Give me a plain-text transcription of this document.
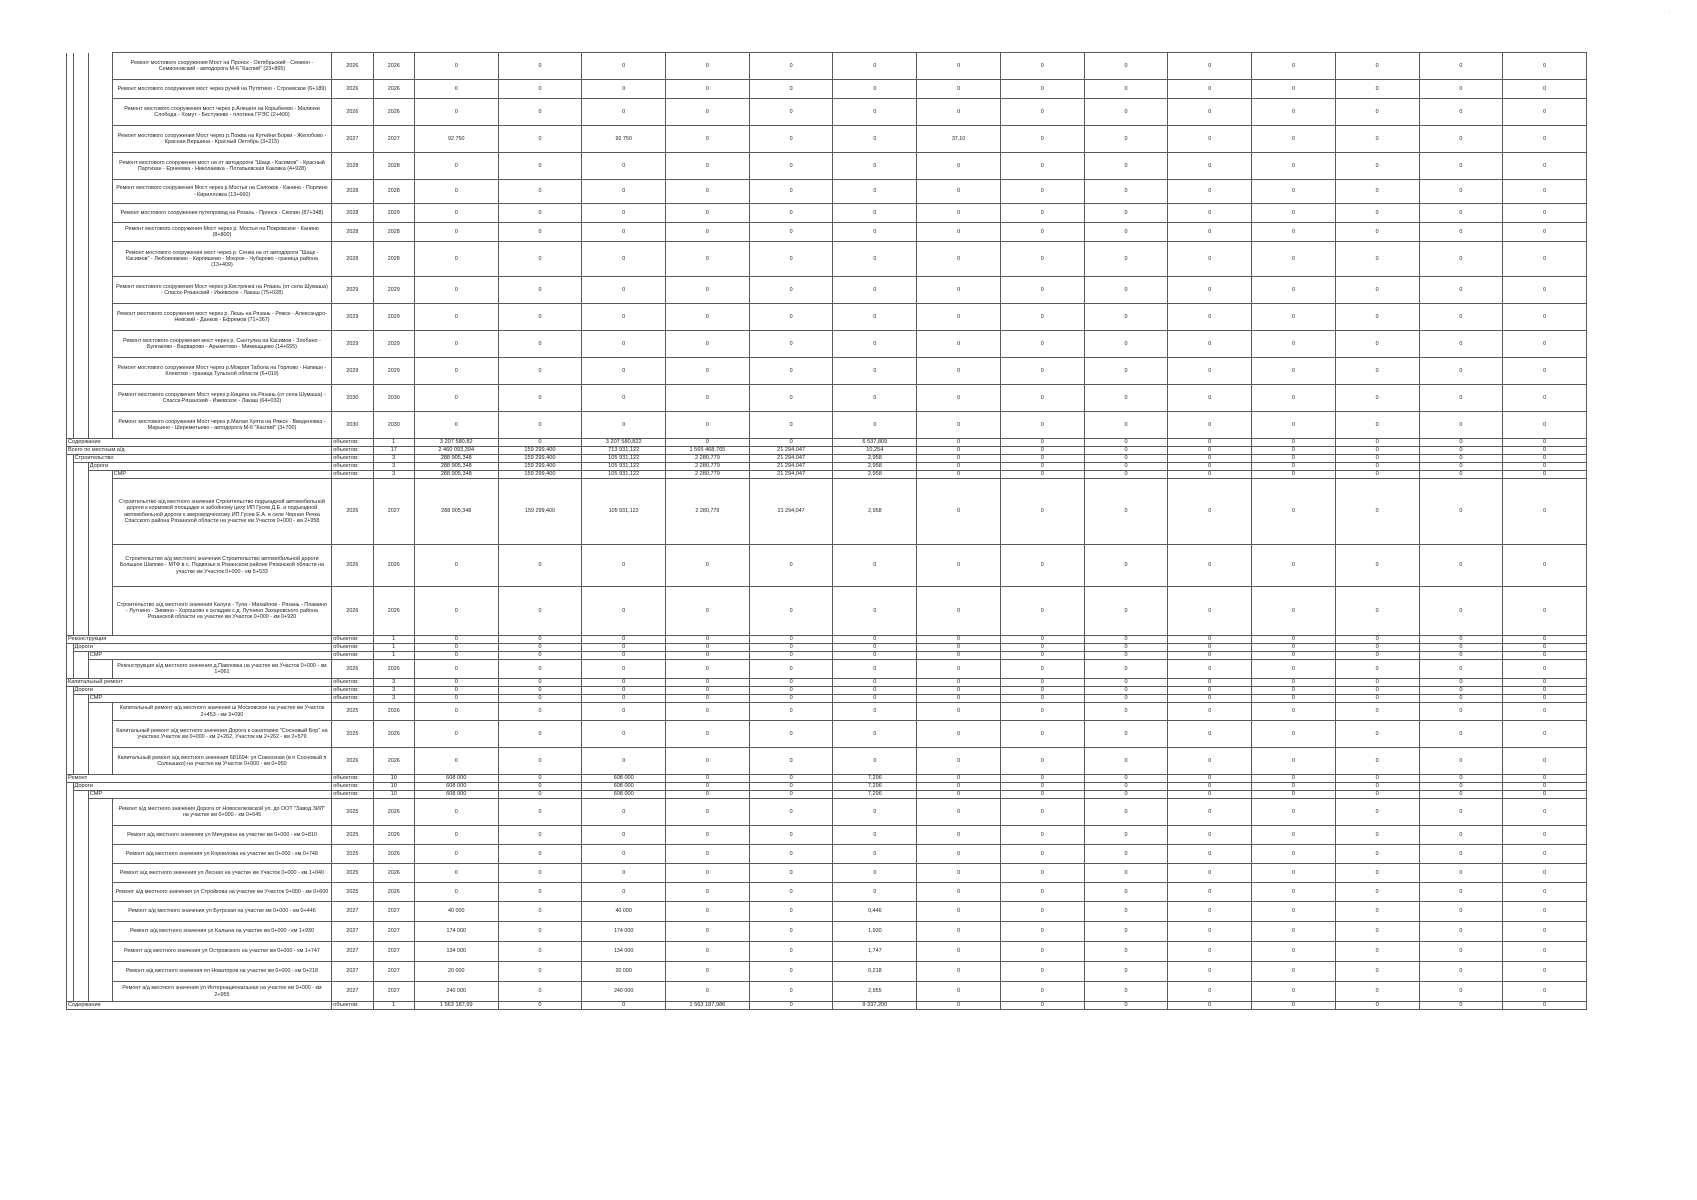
			Ремонт мостового сооружения Мост на Пронск - Октябрьский - Семион - Семионовский - автодорога М-6 "Каспий" (23+865)	2026	2026	0	0	0	0	0	0	0	0	0	0	0	0	0	0
			Ремонт мостового сооружения мост через ручей на Путятино - Строевское (6+189)	2026	2026	0	0	0	0	0	0	0	0	0	0	0	0	0	0
			Ремонт мостового сооружения мост через р.Алешня на Корыбеево - Малинки Слобода - Хомут - Бестужево - плотина ГРЭС (2+400)	2026	2026	0	0	0	0	0	0	0	0	0	0	0	0	0	0
			Ремонт мостового сооружения Мост через р.Пожва на Кутейни Борки - Желобово - Красная Вершина - Красный Октябрь (3+215)	2027	2027	92 750	0	92 750	0	0	0	37,10	0	0	0	0	0	0	0
			Ремонт мостового сооружения мост на от автодороги "Шацк - Касимов" - Красный Партизан - Ернеевка - Николаевка - Потапьевская Каковка (4+928)	2028	2028	0	0	0	0	0	0	0	0	0	0	0	0	0	0
			Ремонт мостового сооружения Мост через р.Мостья на Сапожок - Канино - Порлино - Кирилловка (13+660)	2028	2028	0	0	0	0	0	0	0	0	0	0	0	0	0	0
			Ремонт мостового сооружения путепровод на Рязань - Пронск - Скопин (87+348)	2028	2029	0	0	0	0	0	0	0	0	0	0	0	0	0	0
			Ремонт мостового сооружения Мост через р. Мостья на Покровское - Канино (8+800)	2028	2028	0	0	0	0	0	0	0	0	0	0	0	0	0	0
			Ремонт мостового сооружения мост через р. Сенка на от автодороги "Шацк - Касимов" - Любовниково - Кирпишево - Мокрое - Чубарово - граница района (13+409)	2028	2028	0	0	0	0	0	0	0	0	0	0	0	0	0	0
			Ремонт мостового сооружения Мост через р.Кистрянка на Рязань (от села Шумаша) - Спасск-Рязанский - Ижевское - Лакаш (75+028)	2029	2029	0	0	0	0	0	0	0	0	0	0	0	0	0	0
			Ремонт мостового сооружения мост через р. Лешь на Рязань - Ряжск - Александро-Невский - Данков - Ефремов (71+367)	2029	2029	0	0	0	0	0	0	0	0	0	0	0	0	0	0
			Ремонт мостового сооружения мост через р. Сынтулка на Касимов - Злобино - Булгаково - Варварово - Арыметово - Мимищщево (14+655)	2029	2029	0	0	0	0	0	0	0	0	0	0	0	0	0	0
			Ремонт мостового сооружения Мост через р.Мокрая Табола на Горлово - Напишн - Клекотки - граница Тульской области (6+019)	2029	2029	0	0	0	0	0	0	0	0	0	0	0	0	0	0
			Ремонт мостового сооружения Мост через р.Кицина на Рязань (от села Шумаша) - Спасск-Рязанский - Ижевское - Лакаш (64+032)	2030	2030	0	0	0	0	0	0	0	0	0	0	0	0	0	0
			Ремонт мостового сооружения Мост через р.Малая Хупта на Ряжск - Введеновка - Марьино - Шереметьево - автодорога М-6 "Каспий" (3+700)	2030	2030	0	0	0	0	0	0	0	0	0	0	0	0	0	0
Содержание				объектов:	1	3 207 580,82	0	3 207 580,822	0	0	6 537,809	0	0	0	0	0	0	0	0
Всего по местным а/д				объектов:	17	2 460 093,394	159 299,400	713 931,122	1 565 468,765	21 294,047	10,254	0	0	0	0	0	0	0	0
	Строительство			объектов:	3	288 905,348	159 299,400	105 931,122	2 280,779	21 294,047	2,958	0	0	0	0	0	0	0	0
		Дороги		объектов:	3	288 905,348	159 299,400	105 931,122	2 280,779	21 294,047	2,958	0	0	0	0	0	0	0	0
			СМР	объектов:	3	288 905,348	159 299,400	105 931,122	2 280,779	21 294,047	2,958	0	0	0	0	0	0	0	0
			Строительство а/д местного значения Строительство подъездной автомобильной дороги к кормовой площадке и забойному цеху ИП Гусев Д.Е. и подъездной автомобильной дороги к звероводческому ИП Гусев Е.А. в селе Черная Речка Спасского района Рязанской области на участке км Участок 0+000 - км 2+958	2026	2027	288 905,348	159 299,400	105 931,122	2 280,779	21 294,047	2,958	0	0	0	0	0	0	0	0
			Строительство а/д местного значения Строительство автомобильной дороги Большое Шапово - МТФ в с. Подвязье в Рязанском районе Рязанской области на участке км Участок 0+000 - км 5+533	2026	2026	0	0	0	0	0	0	0	0	0	0	0	0	0	0
			Строительство а/д местного значения Калуга - Тула - Михайлов - Рязань - Пламино - Лутнино - Зимино - Хорошово к складам с.д. Лутнино Захаровского района Рязанской области на участке км Участок 0+000 - км 0+920	2026	2026	0	0	0	0	0	0	0	0	0	0	0	0	0	0
Реконструкция				объектов:	1	0	0	0	0	0	0	0	0	0	0	0	0	0	0
	Дороги			объектов:	1	0	0	0	0	0	0	0	0	0	0	0	0	0	0
		СМР		объектов:	1	0	0	0	0	0	0	0	0	0	0	0	0	0	0
			Реконструкция а/д местного значения д.Павловка на участке км Участок 0+000 - км 1+061	2026	2026	0	0	0	0	0	0	0	0	0	0	0	0	0	0
Капитальный ремонт				объектов:	3	0	0	0	0	0	0	0	0	0	0	0	0	0	0
	Дороги			объектов:	3	0	0	0	0	0	0	0	0	0	0	0	0	0	0
		СМР		объектов:	3	0	0	0	0	0	0	0	0	0	0	0	0	0	0
			Капитальный ремонт а/д местного значения ш Московское на участке км Участок 2+453 - км 3+090	2025	2026	0	0	0	0	0	0	0	0	0	0	0	0	0	0
			Капитальный ремонт а/д местного значения Дорога к санаторию "Сосновый Бор" на участках Участок км 0+000 - км 2+262, Участок км 2+262 - км 2+579	2025	2026	0	0	0	0	0	0	0	0	0	0	0	0	0	0
			Капитальный ремонт а/д местного значения 681694: ул Совхозная (в п Сосновый п Солнышко) на участке км Участок 0+000 - км 0+950	2026	2026	0	0	0	0	0	0	0	0	0	0	0	0	0	0
Ремонт				объектов:	10	608 000	0	608 000	0	0	7,296	0	0	0	0	0	0	0	0
	Дороги			объектов:	10	608 000	0	608 000	0	0	7,296	0	0	0	0	0	0	0	0
		СМР		объектов:	10	608 000	0	608 000	0	0	7,296	0	0	0	0	0	0	0	0
			Ремонт а/д местного значения Дорога от Новоселковской ул. до ООТ "Завод ЗИЛ" на участке км 0+000 - км 0+645	2025	2026	0	0	0	0	0	0	0	0	0	0	0	0	0	0
			Ремонт а/д местного значения ул Мичурина на участке км 0+000 - км 0+810	2025	2026	0	0	0	0	0	0	0	0	0	0	0	0	0	0
			Ремонт а/д местного значения ул Корнилова на участке км 0+000 - км 0+748	2025	2026	0	0	0	0	0	0	0	0	0	0	0	0	0	0
			Ремонт а/д местного значения ул Лесная на участке км Участок 0+000 - км 1+040	2025	2026	0	0	0	0	0	0	0	0	0	0	0	0	0	0
			Ремонт а/д местного значения ул Стройкова на участке км Участок 0+000 - км 0+600	2025	2026	0	0	0	0	0	0	0	0	0	0	0	0	0	0
			Ремонт а/д местного значения ул Бутрская на участке км 0+000 - км 0+446	2027	2027	40 000	0	40 000	0	0	0,446	0	0	0	0	0	0	0	0
			Ремонт а/д местного значения ул Калына на участке км 0+000 - км 1+930	2027	2027	174 000	0	174 000	0	0	1,930	0	0	0	0	0	0	0	0
			Ремонт а/д местного значения ул Островского на участке км 0+000 - км 1+747	2027	2027	134 000	0	134 000	0	0	1,747	0	0	0	0	0	0	0	0
			Ремонт а/д местного значения пл Новаторов на участке км 0+000 - км 0+218	2027	2027	20 000	0	20 000	0	0	0,218	0	0	0	0	0	0	0	0
			Ремонт а/д местного значения ул Интернациональная на участке км 0+000 - км 2+955	2027	2027	240 000	0	240 000	0	0	2,955	0	0	0	0	0	0	0	0
Содержание				объектов:	1	1 563 187,99	0	0	1 563 187,986	0	9 337,200	0	0	0	0	0	0	0	0
·
